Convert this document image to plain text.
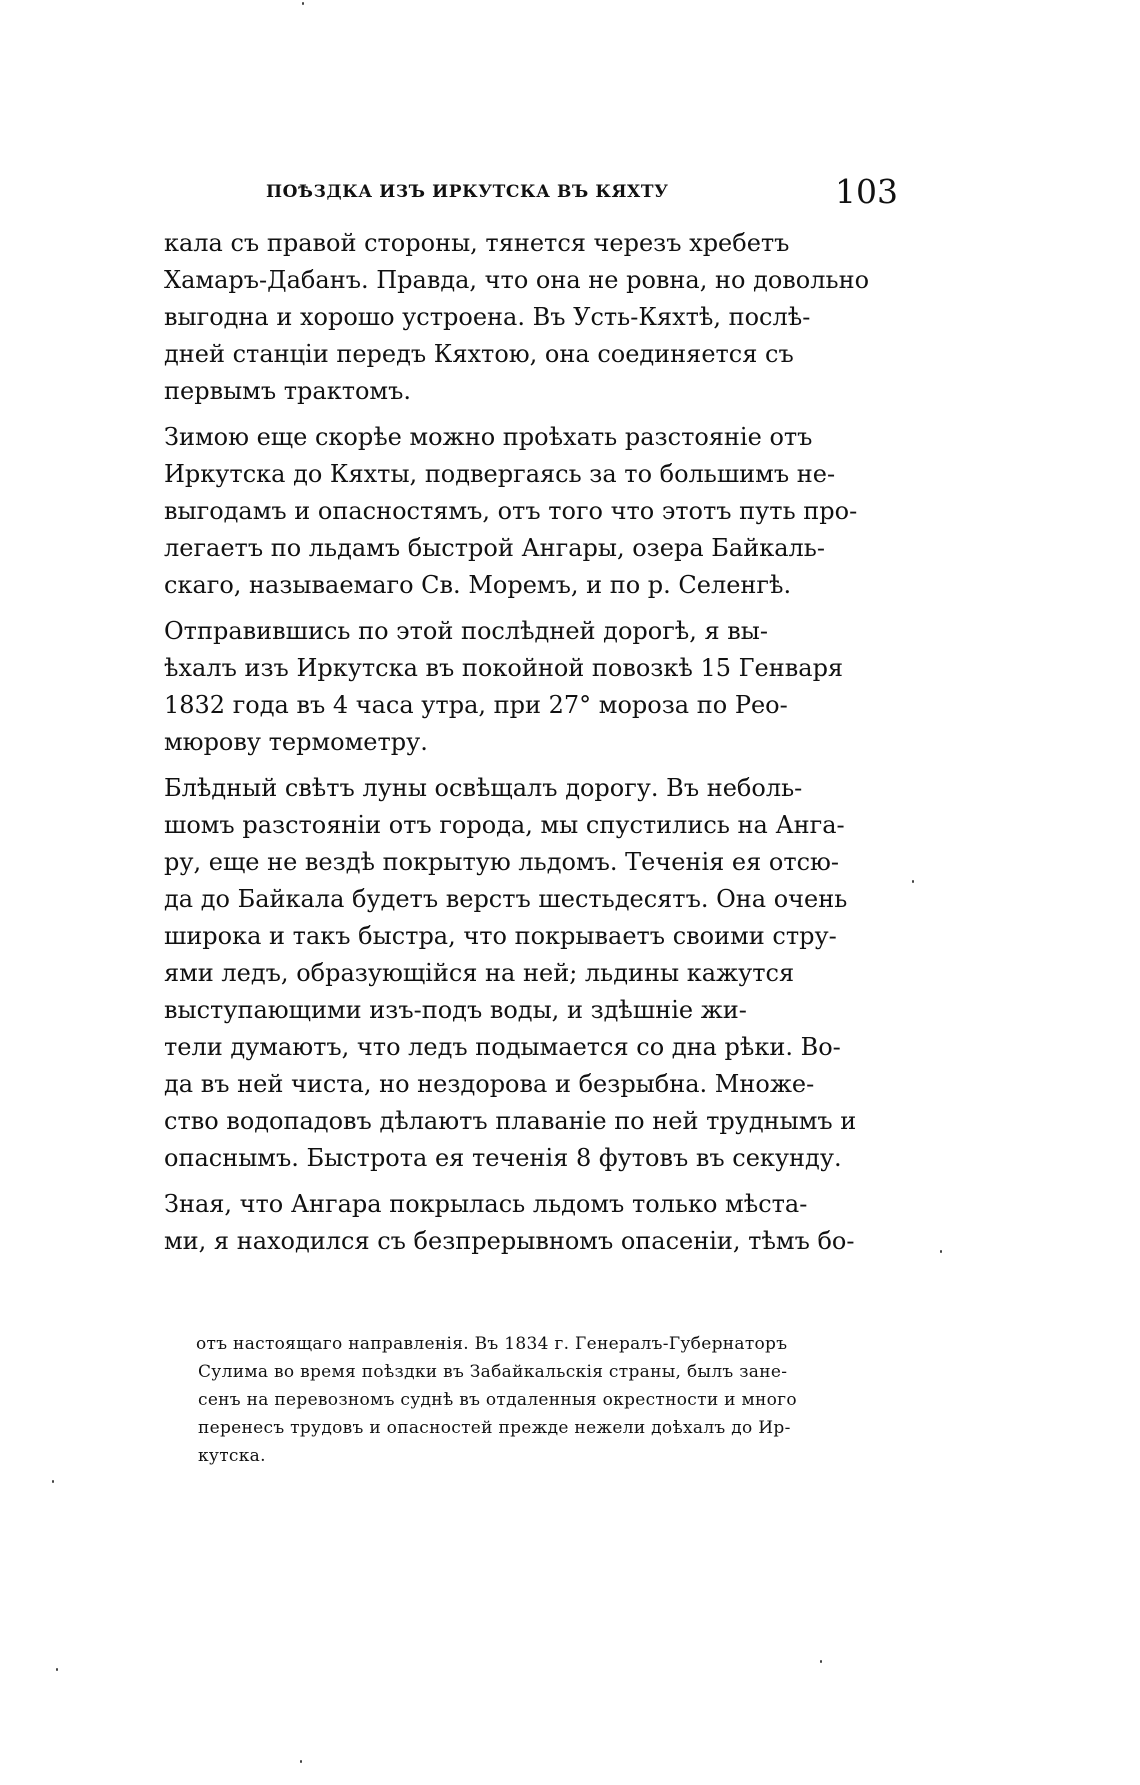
ПОѢЗДКА ИЗЪ ИРКУТСКА ВЪ КЯХТУ	103
кала съ правой стороны, тянется черезъ хребетъ
Хамаръ-Дабанъ. Правда, что она не ровна, но довольно
выгодна и хорошо устроена. Въ Усть-Кяхтѣ, послѣ-
дней станціи передъ Кяхтою, она соединяется съ
первымъ трактомъ.
Зимою еще скорѣе можно проѣхать разстояніе отъ
Иркутска до Кяхты, подвергаясь за то большимъ не-
выгодамъ и опасностямъ, отъ того что этотъ путь про-
легаетъ по льдамъ быстрой Ангары, озера Байкаль-
скаго, называемаго Св. Моремъ, и по р. Селенгѣ.
Отправившись по этой послѣдней дорогѣ, я вы-
ѣхалъ изъ Иркутска въ покойной повозкѣ 15 Генваря
1832 года въ 4 часа утра, при 27° мороза по Рео-
мюрову термометру.
Блѣдный свѣтъ луны освѣщалъ дорогу. Въ неболь-
шомъ разстояніи отъ города, мы спустились на Анга-
ру, еще не вездѣ покрытую льдомъ. Теченія ея отсю-
да до Байкала будетъ верстъ шестьдесятъ. Она очень
широка и такъ быстра, что покрываетъ своими стру-
ями ледъ, образующійся на ней; льдины кажутся
выступающими изъ-подъ воды, и здѣшніе жи-
тели думаютъ, что ледъ подымается со дна рѣки. Во-
да въ ней чиста, но нездорова и безрыбна. Множе-
ство водопадовъ дѣлаютъ плаваніе по ней труднымъ и
опаснымъ. Быстрота ея теченія 8 футовъ въ секунду.
Зная, что Ангара покрылась льдомъ только мѣста-
ми, я находился съ безпрерывномъ опасеніи, тѣмъ бо-
отъ настоящаго направленія. Въ 1834 г. Генералъ-Губернаторъ
Сулима во время поѣздки въ Забайкальскія страны, былъ зане-
сенъ на перевозномъ суднѣ въ отдаленныя окрестности и много
перенесъ трудовъ и опасностей прежде нежели доѣхалъ до Ир-
кутска.
